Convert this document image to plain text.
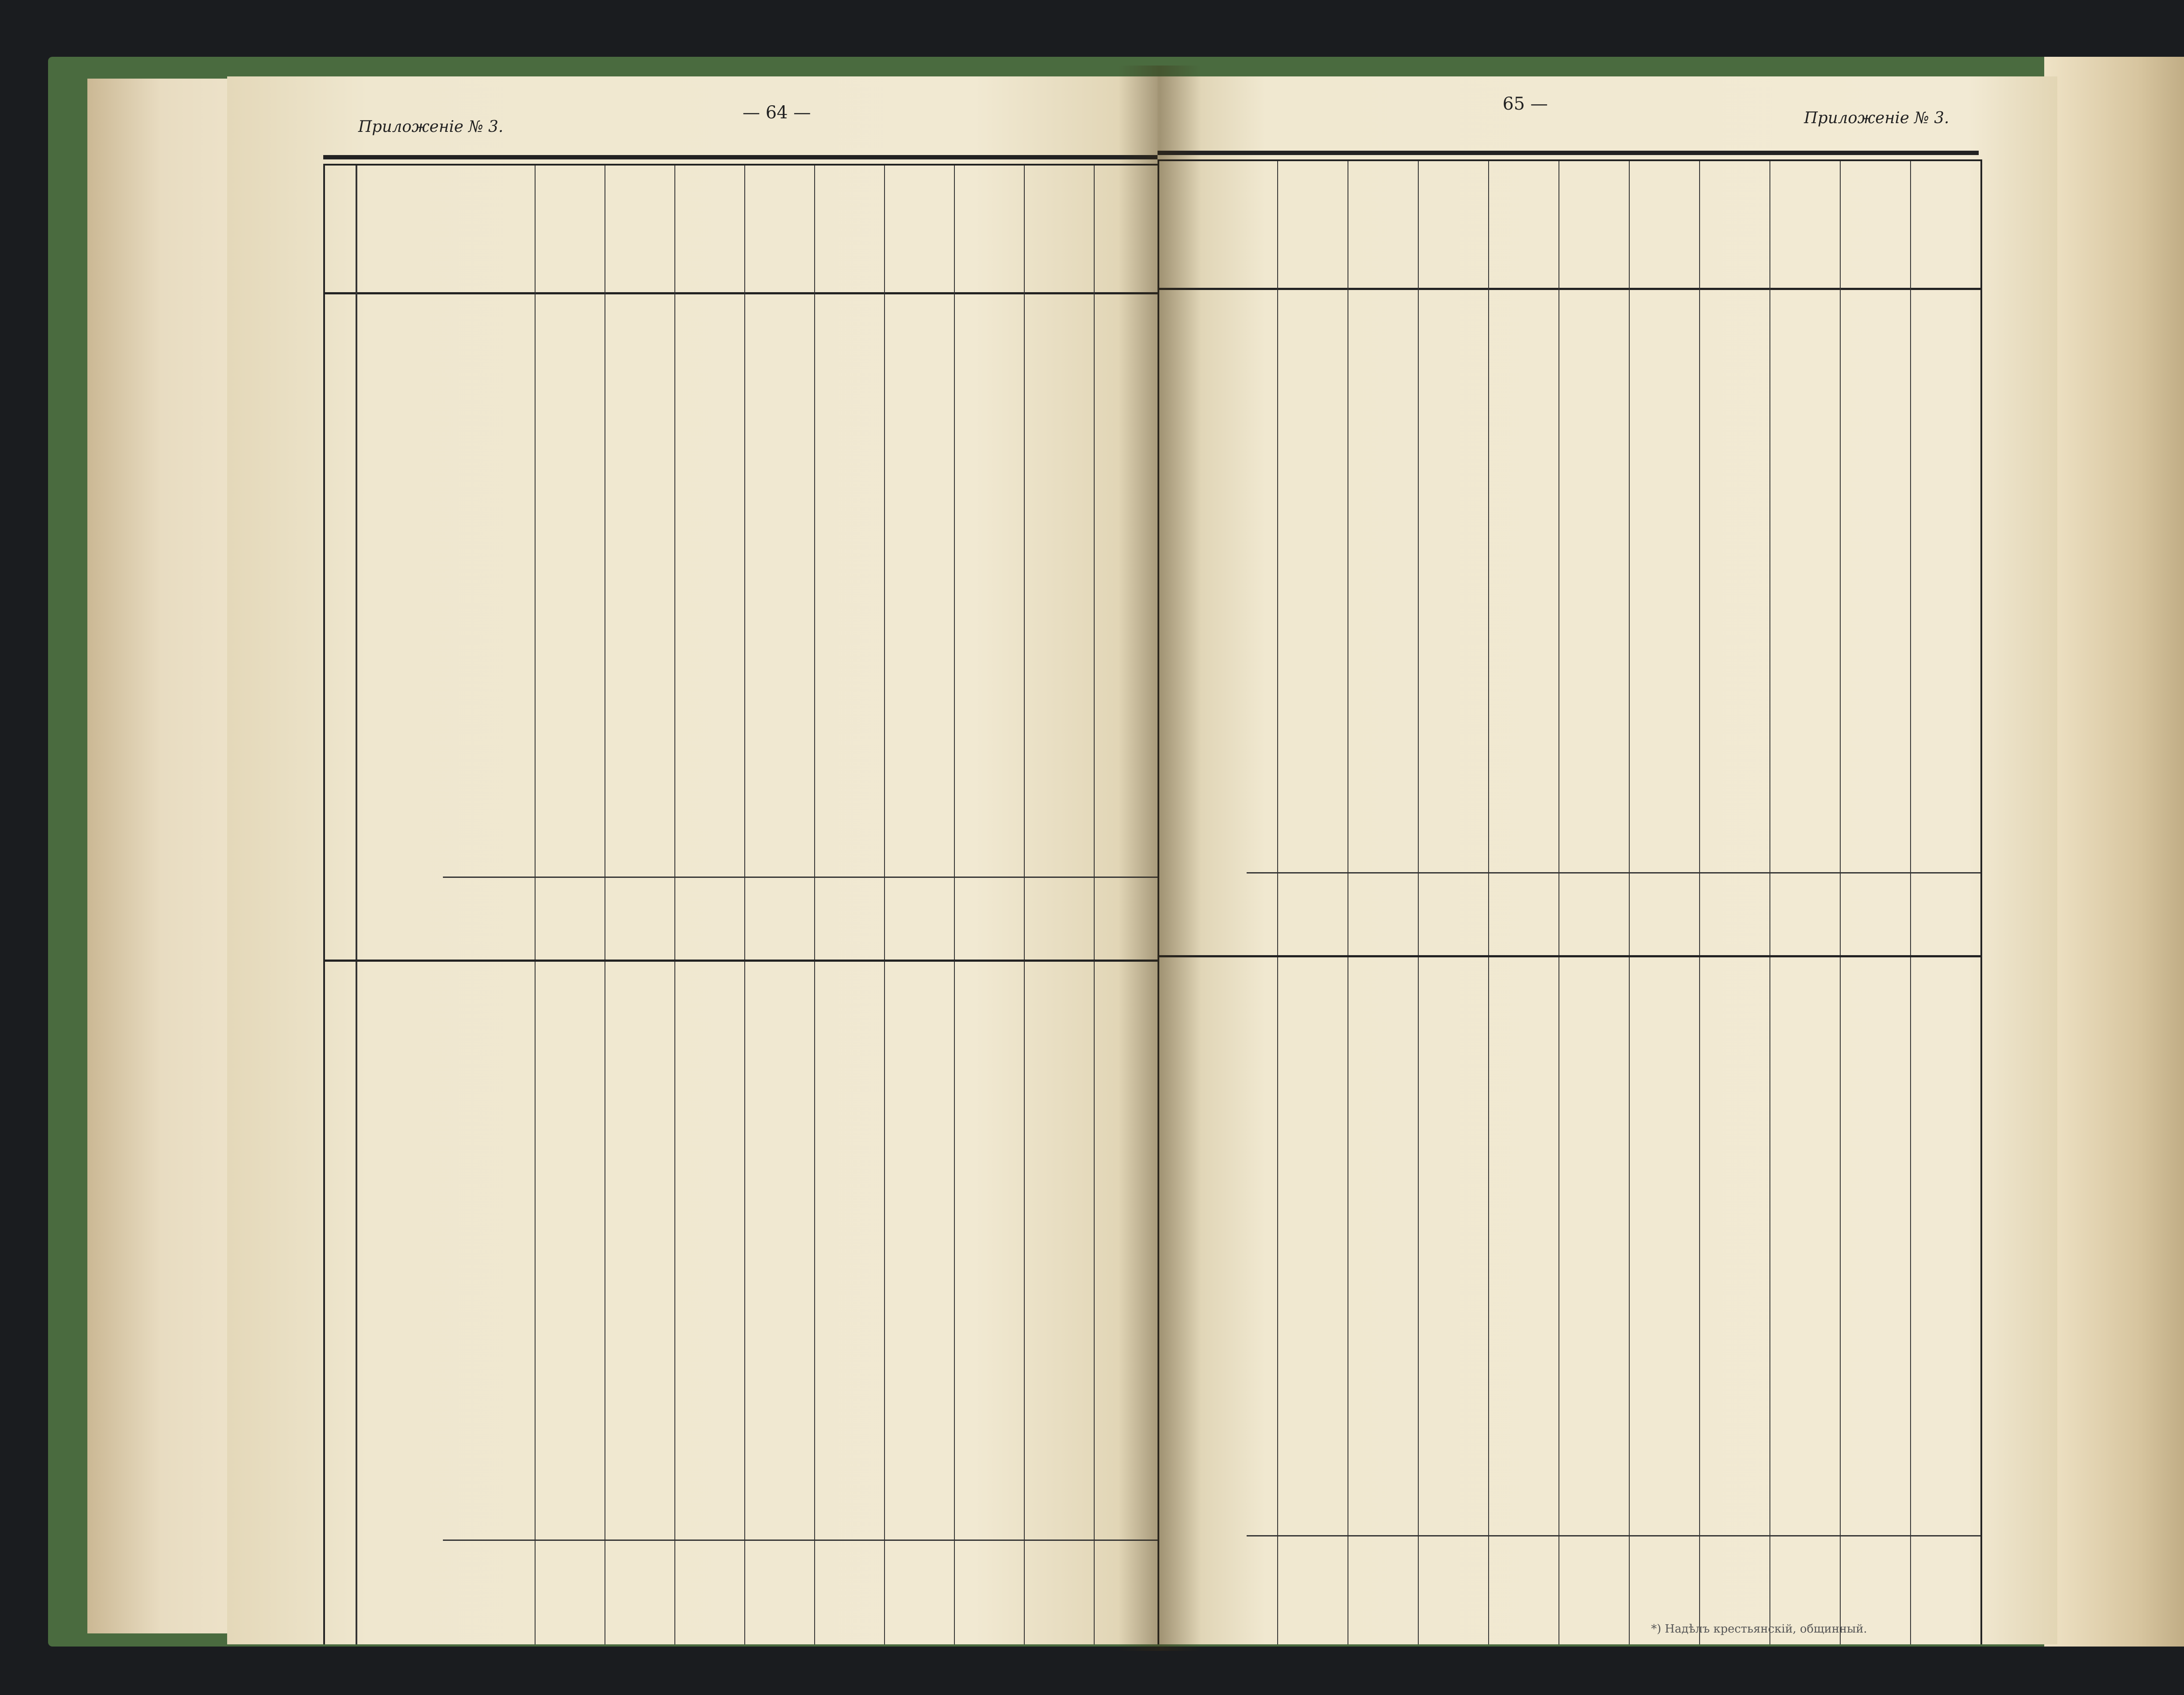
Приложеніе № 3.
— 64 —	65 —
Приложеніе № 3.
*) Надѣлъ крестьянскій, общинный.
